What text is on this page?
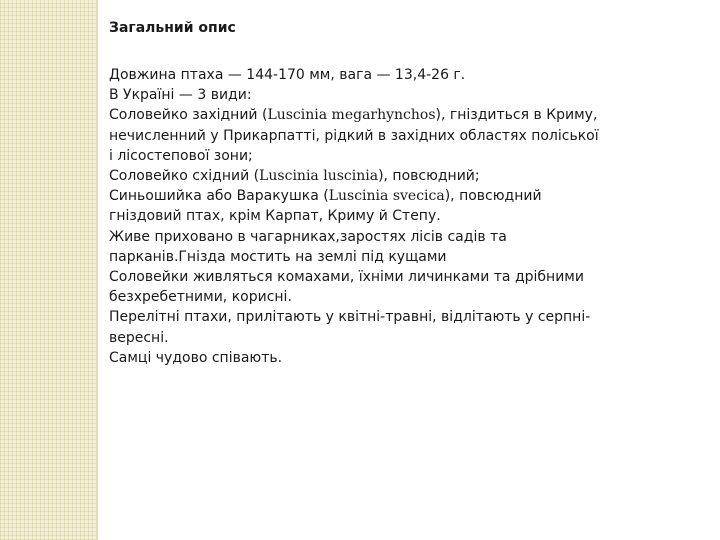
Загальний опис
Довжина птаха — 144-170 мм, вага — 13,4-26 г.
В Україні — 3 види:
Соловейко західний (Luscinia megarhynchos), гніздиться в Криму,
нечисленний у Прикарпатті, рідкий в західних областях поліської
і лісостепової зони;
Соловейко східний (Luscinia luscinia), повсюдний;
Синьошийка або Варакушка (Luscinia svecica), повсюдний
гніздовий птах, крім Карпат, Криму й Степу.
Живе приховано в чагарниках,заростях лісів садів та
парканів.Гнізда мостить на землі під кущами
Соловейки живляться комахами, їхніми личинками та дрібними
безхребетними, корисні.
Перелітні птахи, прилітають у квітні-травні, відлітають у серпні-
вересні.
Самці чудово співають.
